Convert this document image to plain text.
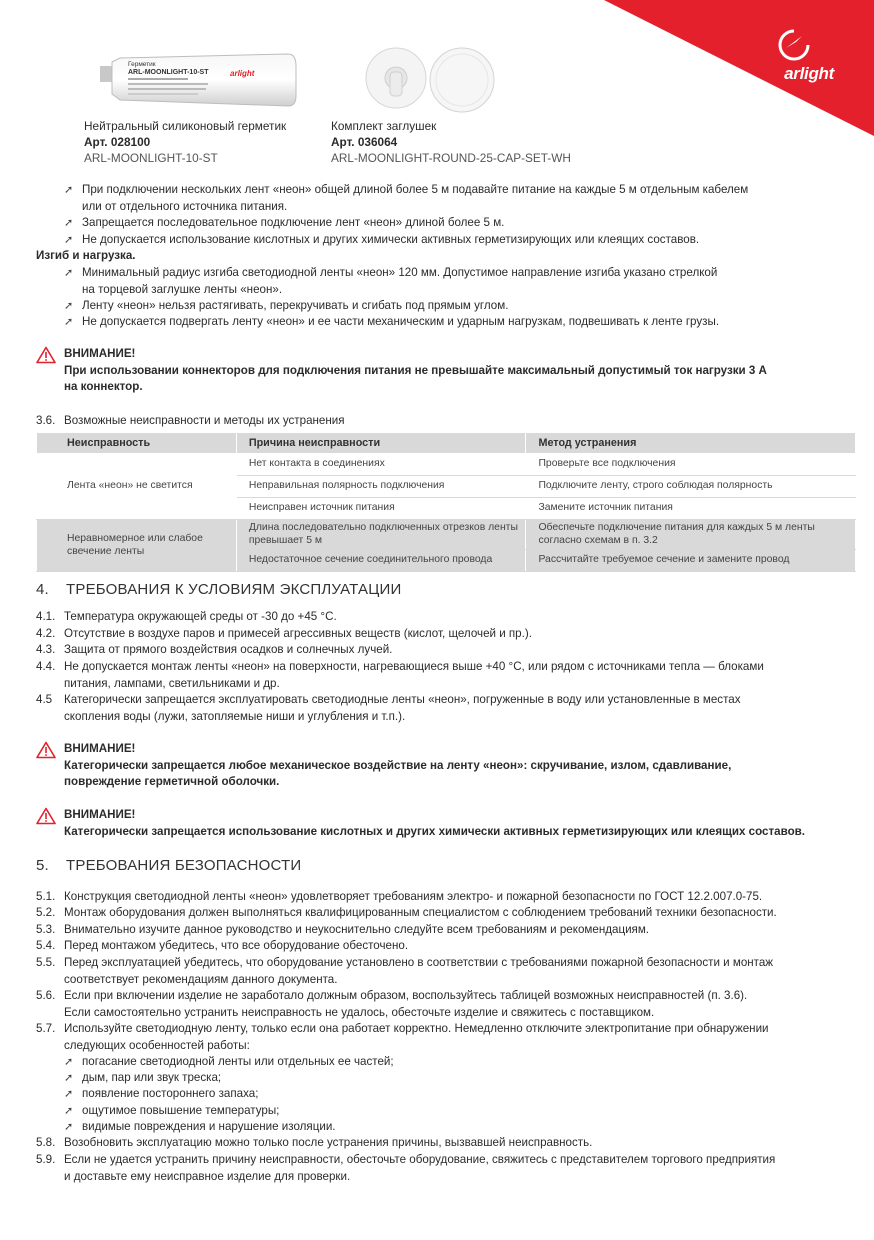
arlight
Герметик
ARL-MOONLIGHT-10-ST	arlight
Нейтральный силиконовый герметик
Арт. 028100
ARL-MOONLIGHT-10-ST
Комплект заглушек
Арт. 036064
ARL-MOONLIGHT-ROUND-25-CAP-SET-WH
➚ При подключении нескольких лент «неон» общей длиной более 5 м подавайте питание на каждые 5 м отдельным кабелем
или от отдельного источника питания.
➚ Запрещается последовательное подключение лент «неон» длиной более 5 м.
➚ Не допускается использование кислотных и других химически активных герметизирующих или клеящих составов.
Изгиб и нагрузка.
➚ Минимальный радиус изгиба светодиодной ленты «неон» 120 мм. Допустимое направление изгиба указано стрелкой
на торцевой заглушке ленты «неон».
➚ Ленту «неон» нельзя растягивать, перекручивать и сгибать под прямым углом.
➚ Не допускается подвергать ленту «неон» и ее части механическим и ударным нагрузкам, подвешивать к ленте грузы.
ВНИМАНИЕ!
При использовании коннекторов для подключения питания не превышайте максимальный допустимый ток нагрузки 3 А
на коннектор.
3.6. Возможные неисправности и методы их устранения
Неисправность	Причина неисправности	Метод устранения
Лента «неон» не светится	Нет контакта в соединениях	Проверьте все подключения
	Неправильная полярность подключения	Подключите ленту, строго соблюдая полярность
	Неисправен источник питания	Замените источник питания
Неравномерное или слабое свечение ленты	Длина последовательно подключенных отрезков ленты превышает 5 м	Обеспечьте подключение питания для каждых 5 м ленты согласно схемам в п. 3.2
	Недостаточное сечение соединительного провода	Рассчитайте требуемое сечение и замените провод
4. ТРЕБОВАНИЯ К УСЛОВИЯМ ЭКСПЛУАТАЦИИ
4.1. Температура окружающей среды от -30 до +45 °C.
4.2. Отсутствие в воздухе паров и примесей агрессивных веществ (кислот, щелочей и пр.).
4.3. Защита от прямого воздействия осадков и солнечных лучей.
4.4. Не допускается монтаж ленты «неон» на поверхности, нагревающиеся выше +40 °C, или рядом с источниками тепла — блоками
питания, лампами, светильниками и др.
4.5 Категорически запрещается эксплуатировать светодиодные ленты «неон», погруженные в воду или установленные в местах
скопления воды (лужи, затопляемые ниши и углубления и т.п.).
ВНИМАНИЕ!
Категорически запрещается любое механическое воздействие на ленту «неон»: скручивание, излом, сдавливание,
повреждение герметичной оболочки.
ВНИМАНИЕ!
Категорически запрещается использование кислотных и других химически активных герметизирующих или клеящих составов.
5. ТРЕБОВАНИЯ БЕЗОПАСНОСТИ
5.1. Конструкция светодиодной ленты «неон» удовлетворяет требованиям электро- и пожарной безопасности по ГОСТ 12.2.007.0-75.
5.2. Монтаж оборудования должен выполняться квалифицированным специалистом с соблюдением требований техники безопасности.
5.3. Внимательно изучите данное руководство и неукоснительно следуйте всем требованиям и рекомендациям.
5.4. Перед монтажом убедитесь, что все оборудование обесточено.
5.5. Перед эксплуатацией убедитесь, что оборудование установлено в соответствии с требованиями пожарной безопасности и монтаж
соответствует рекомендациям данного документа.
5.6. Если при включении изделие не заработало должным образом, воспользуйтесь таблицей возможных неисправностей (п. 3.6).
Если самостоятельно устранить неисправность не удалось, обесточьте изделие и свяжитесь с поставщиком.
5.7. Используйте светодиодную ленту, только если она работает корректно. Немедленно отключите электропитание при обнаружении
следующих особенностей работы:
➚ погасание светодиодной ленты или отдельных ее частей;
➚ дым, пар или звук треска;
➚ появление постороннего запаха;
➚ ощутимое повышение температуры;
➚ видимые повреждения и нарушение изоляции.
5.8. Возобновить эксплуатацию можно только после устранения причины, вызвавшей неисправность.
5.9. Если не удается устранить причину неисправности, обесточьте оборудование, свяжитесь с представителем торгового предприятия
и доставьте ему неисправное изделие для проверки.
